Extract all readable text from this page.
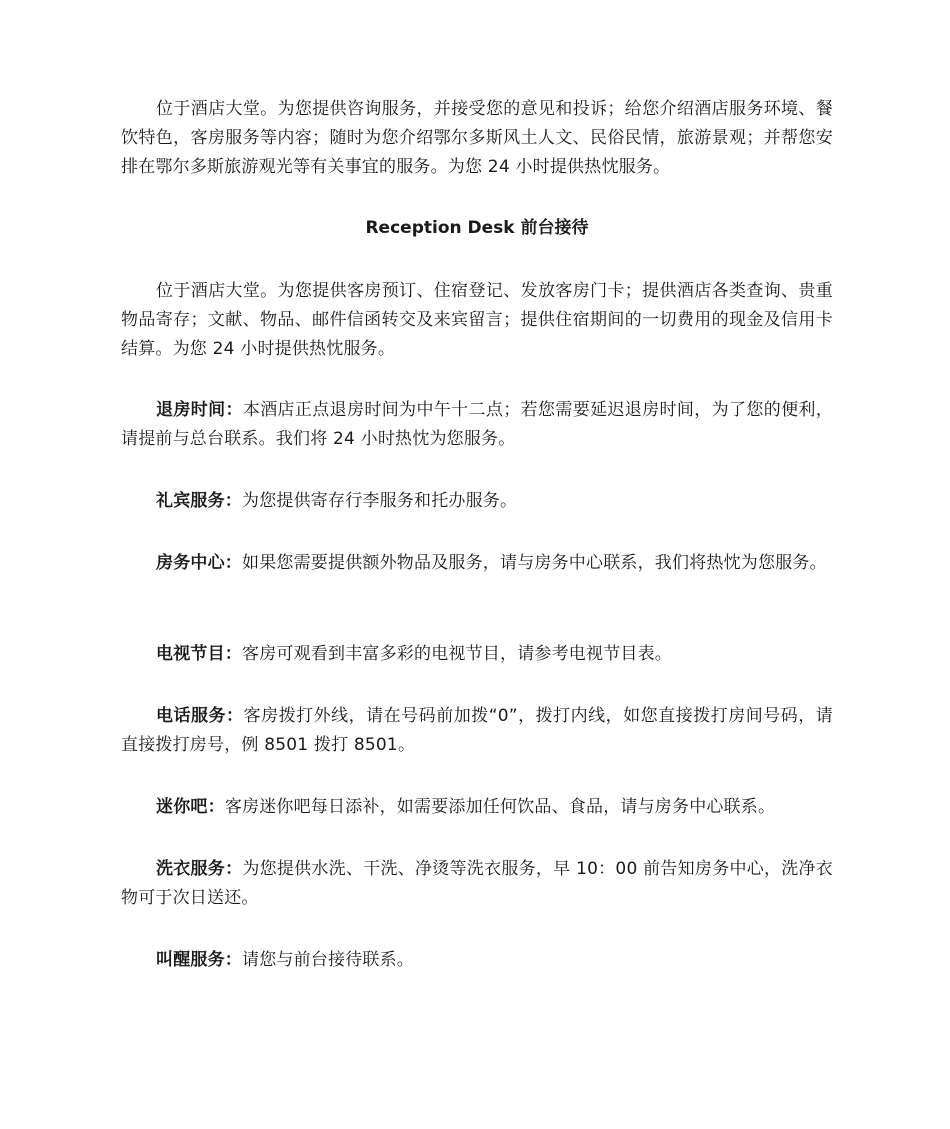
位于酒店大堂。为您提供咨询服务，并接受您的意见和投诉；给您介绍酒店服务环境、餐饮特色，客房服务等内容；随时为您介绍鄂尔多斯风土人文、民俗民情，旅游景观；并帮您安排在鄂尔多斯旅游观光等有关事宜的服务。为您 24 小时提供热忱服务。

Reception Desk 前台接待

位于酒店大堂。为您提供客房预订、住宿登记、发放客房门卡；提供酒店各类查询、贵重物品寄存；文献、物品、邮件信函转交及来宾留言；提供住宿期间的一切费用的现金及信用卡结算。为您 24 小时提供热忱服务。

退房时间：本酒店正点退房时间为中午十二点；若您需要延迟退房时间，为了您的便利，请提前与总台联系。我们将 24 小时热忱为您服务。

礼宾服务：为您提供寄存行李服务和托办服务。

房务中心：如果您需要提供额外物品及服务，请与房务中心联系，我们将热忱为您服务。

电视节目：客房可观看到丰富多彩的电视节目，请参考电视节目表。

电话服务：客房拨打外线，请在号码前加拨“0”，拨打内线，如您直接拨打房间号码，请直接拨打房号，例 8501 拨打 8501。

迷你吧：客房迷你吧每日添补，如需要添加任何饮品、食品，请与房务中心联系。

洗衣服务：为您提供水洗、干洗、净烫等洗衣服务，早 10：00 前告知房务中心，洗净衣物可于次日送还。

叫醒服务：请您与前台接待联系。
